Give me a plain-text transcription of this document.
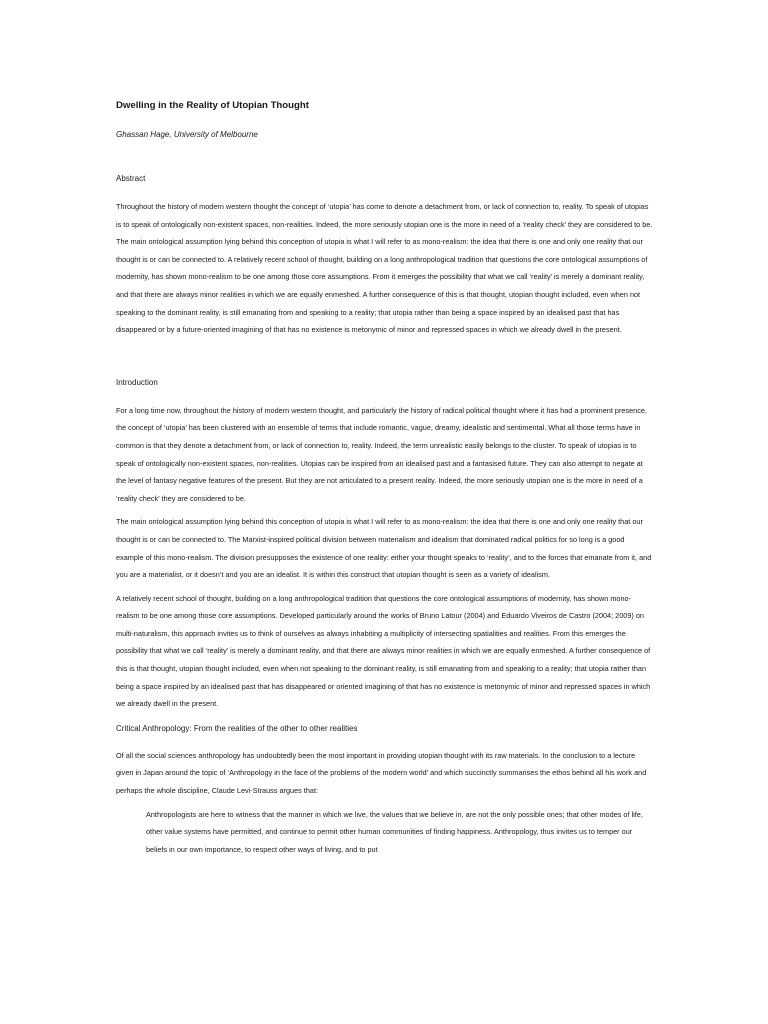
Dwelling in the Reality of Utopian Thought
Ghassan Hage, University of Melbourne
Abstract

Throughout the history of modern western thought the concept of ‘utopia’ has come to denote a detachment from, or lack of connection to, reality. To speak of utopias is to speak of ontologically non-existent spaces, non-realities. Indeed, the more seriously utopian one is the more in need of a ‘reality check’ they are considered to be. The main ontological assumption lying behind this conception of utopia is what I will refer to as mono-realism: the idea that there is one and only one reality that our thought is or can be connected to. A relatively recent school of thought, building on a long anthropological tradition that questions the core ontological assumptions of modernity, has shown mono-realism to be one among those core assumptions. From it emerges the possibility that what we call ‘reality’ is merely a dominant reality, and that there are always minor realities in which we are equally enmeshed. A further consequence of this is that thought, utopian thought included, even when not speaking to the dominant reality, is still emanating from and speaking to a reality; that utopia rather than being a space inspired by an idealised past that has disappeared or by a future-oriented imagining of that has no existence is metonymic of minor and repressed spaces in which we already dwell in the present.

Introduction

For a long time now, throughout the history of modern western thought, and particularly the history of radical political thought where it has had a prominent presence, the concept of ‘utopia’ has been clustered with an ensemble of terms that include romantic, vague, dreamy, idealistic and sentimental. What all those terms have in common is that they denote a detachment from, or lack of connection to, reality. Indeed, the term unrealistic easily belongs to the cluster. To speak of utopias is to speak of ontologically non-existent spaces, non-realities. Utopias can be inspired from an idealised past and a fantasised future. They can also attempt to negate at the level of fantasy negative features of the present. But they are not articulated to a present reality. Indeed, the more seriously utopian one is the more in need of a ‘reality check’ they are considered to be.

The main ontological assumption lying behind this conception of utopia is what I will refer to as mono-realism: the idea that there is one and only one reality that our thought is or can be connected to. The Marxist-inspired political division between materialism and idealism that dominated radical politics for so long is a good example of this mono-realism. The division presupposes the existence of one reality: either your thought speaks to ‘reality’, and to the forces that emanate from it, and you are a materialist, or it doesn’t and you are an idealist. It is within this construct that utopian thought is seen as a variety of idealism.

A relatively recent school of thought, building on a long anthropological tradition that questions the core ontological assumptions of modernity, has shown mono-realism to be one among those core assumptions. Developed particularly around the works of Bruno Latour (2004) and Eduardo Viveiros de Castro (2004; 2009) on multi-naturalism, this approach invites us to think of ourselves as always inhabiting a multiplicity of intersecting spatialities and realities. From this emerges the possibility that what we call ‘reality’ is merely a dominant reality, and that there are always minor realities in which we are equally enmeshed. A further consequence of this is that thought, utopian thought included, even when not speaking to the dominant reality, is still emanating from and speaking to a reality; that utopia rather than being a space inspired by an idealised past that has disappeared or oriented imagining of that has no existence is metonymic of minor and repressed spaces in which we already dwell in the present.

Critical Anthropology: From the realities of the other to other realities

Of all the social sciences anthropology has undoubtedly been the most important in providing utopian thought with its raw materials. In the conclusion to a lecture given in Japan around the topic of ‘Anthropology in the face of the problems of the modern world’ and which succinctly summarises the ethos behind all his work and perhaps the whole discipline, Claude Levi-Strauss argues that:

Anthropologists are here to witness that the manner in which we live, the values that we believe in, are not the only possible ones; that other modes of life, other value systems have permitted, and continue to permit other human communities of finding happiness. Anthropology, thus invites us to temper our beliefs in our own importance, to respect other ways of living, and to put
